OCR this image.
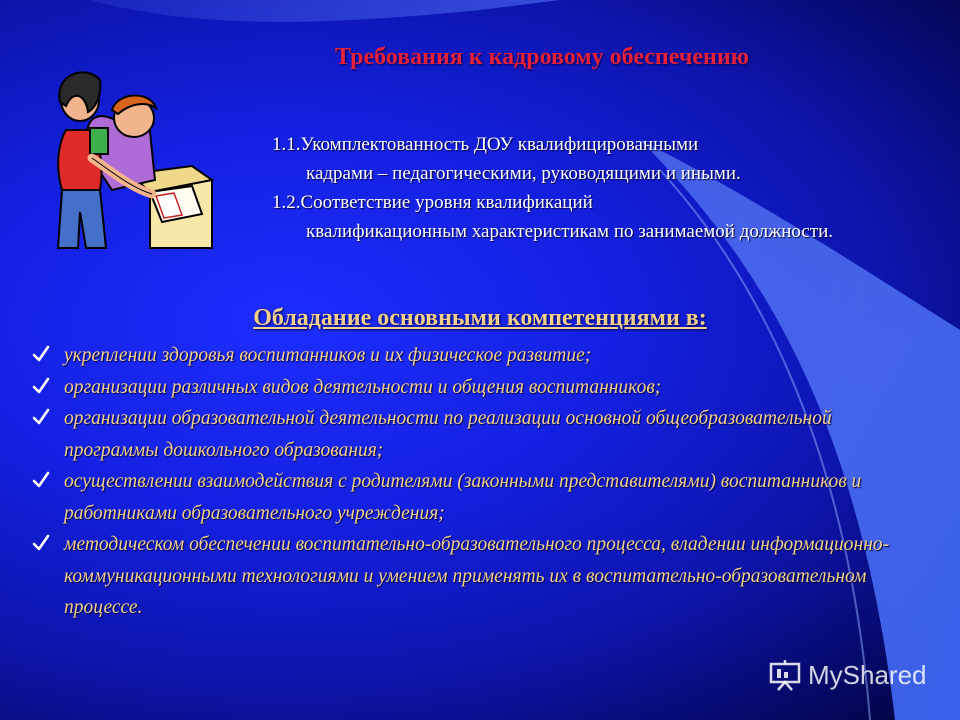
Требования к кадровому обеспечению
1.1.Укомплектованность ДОУ квалифицированными
кадрами – педагогическими, руководящими и иными.
1.2.Соответствие уровня квалификаций
квалификационным характеристикам по занимаемой должности.
Обладание основными компетенциями в:
укреплении здоровья воспитанников и их физическое развитие;
организации различных видов деятельности и общения воспитанников;
организации образовательной деятельности по реализации основной общеобразовательной программы дошкольного образования;
осуществлении взаимодействия с родителями (законными представителями) воспитанников и работниками образовательного учреждения;
методическом обеспечении воспитательно-образовательного процесса, владении информационно-коммуникационными технологиями и умением применять их в воспитательно-образовательном процессе.
MyShared
